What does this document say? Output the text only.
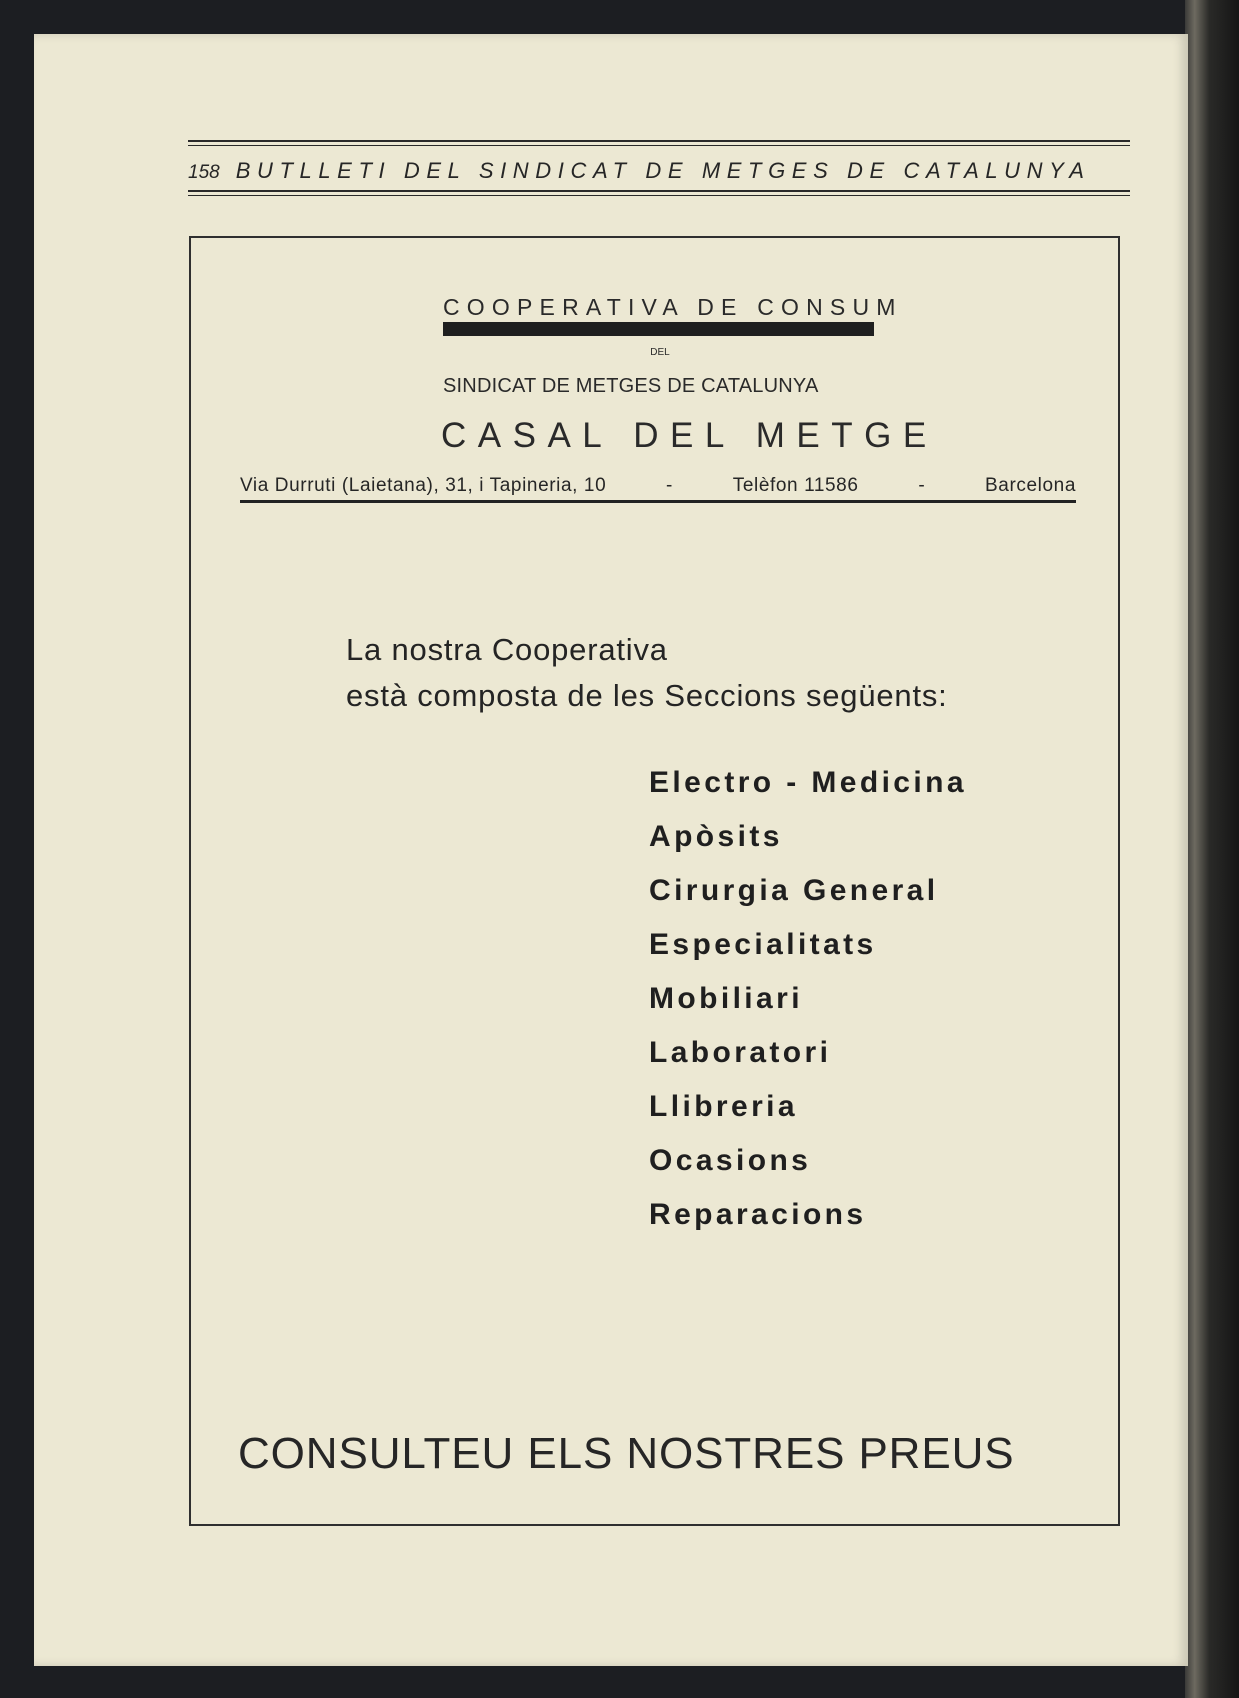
158 BUTLLETI DEL SINDICAT DE METGES DE CATALUNYA
COOPERATIVA DE CONSUM
DEL
SINDICAT DE METGES DE CATALUNYA
CASAL DEL METGE
Via Durruti (Laietana), 31, i Tapineria, 10	-	Telèfon 11586	-	Barcelona
La nostra Cooperativa
està composta de les Seccions següents:
Electro - Medicina
Apòsits
Cirurgia General
Especialitats
Mobiliari
Laboratori
Llibreria
Ocasions
Reparacions
CONSULTEU ELS NOSTRES PREUS
